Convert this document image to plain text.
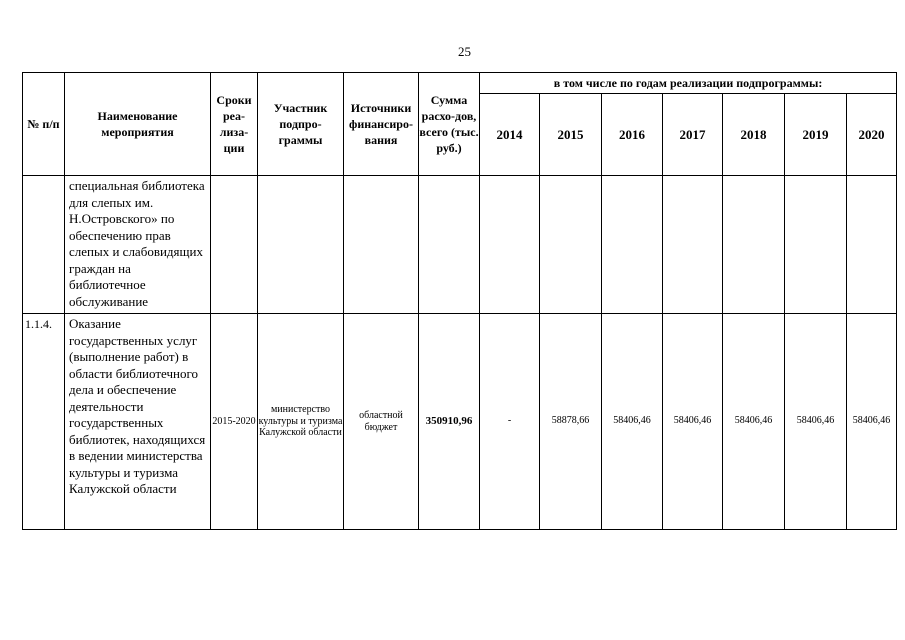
25
№ п/п	Наименование мероприятия	Сроки реа-лиза-ции	Участник подпро-граммы	Источники финансиро-вания	Сумма расхо-дов, всего (тыс. руб.)	в том числе по годам реализации подпрограммы:						
						2014	2015	2016	2017	2018	2019	2020
	специальная библиотека для слепых им. Н.Островского» по обеспечению прав слепых и слабовидящих граждан на библиотечное обслуживание											
1.1.4.	Оказание государственных услуг (выполнение работ) в области библиотечного дела и обеспечение деятельности государственных библиотек, находящихся в ведении министерства культуры и туризма Калужской области	2015-2020	министерство культуры и туризма Калужской области	областной бюджет	350910,96	-	58878,66	58406,46	58406,46	58406,46	58406,46	58406,46
